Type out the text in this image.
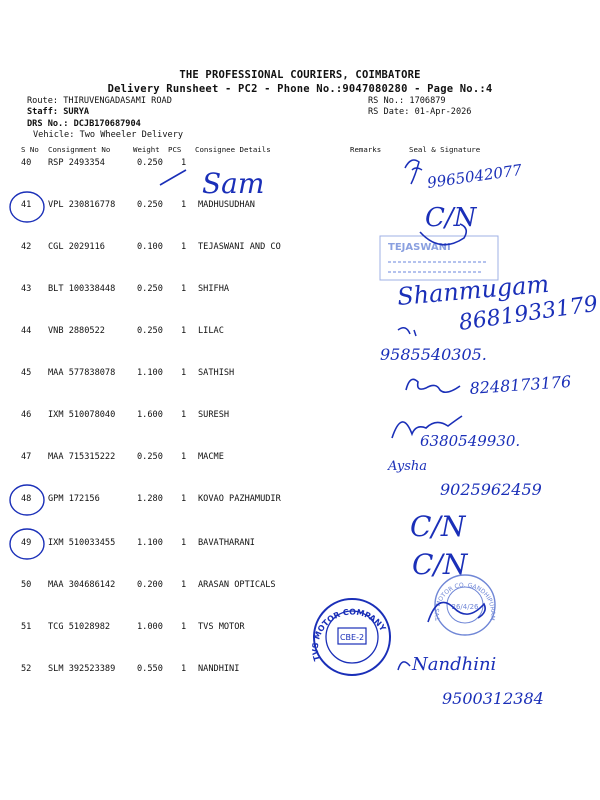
THE PROFESSIONAL COURIERS, COIMBATORE
Delivery Runsheet - PC2 - Phone No.:9047080280 - Page No.:4
Route: THIRUVENGADASAMI ROAD
Staff: SURYA
DRS No.: DCJB170687904
Vehicle: Two Wheeler Delivery
RS No.: 1706879
RS Date: 01-Apr-2026
S No Consignment No	Weight PCS Consignee Details	Remarks	Seal & Signature
40 RSP 2493354	0.250 1
41 VPL 230816778	0.250 1 MADHUSUDHAN
42 CGL 2029116	0.100 1 TEJASWANI AND CO
43 BLT 100338448	0.250 1 SHIFHA
44 VNB 2880522	0.250 1 LILAC
45 MAA 577838078	1.100 1 SATHISH
46 IXM 510078040	1.600 1 SURESH
47 MAA 715315222	0.250 1 MACME
48 GPM 172156	1.280 1 KOVAO PAZHAMUDIR
49 IXM 510033455	1.100 1 BAVATHARANI
50 MAA 304686142	0.200 1 ARASAN OPTICALS
51 TCG 51028982	1.000 1 TVS MOTOR
52 SLM 392523389	0.550 1 NANDHINI
Sam	9965042077
C/N
TEJASWANI
Shanmugam
8681933179
9585540305.
8248173176
6380549930.
Aysha
9025962459
C/N
C/N
CBE-2
TVS MOTOR COMPANY
26/4/26
TVS MOTOR CO. GANDHIPURAM
Nandhini
9500312384
